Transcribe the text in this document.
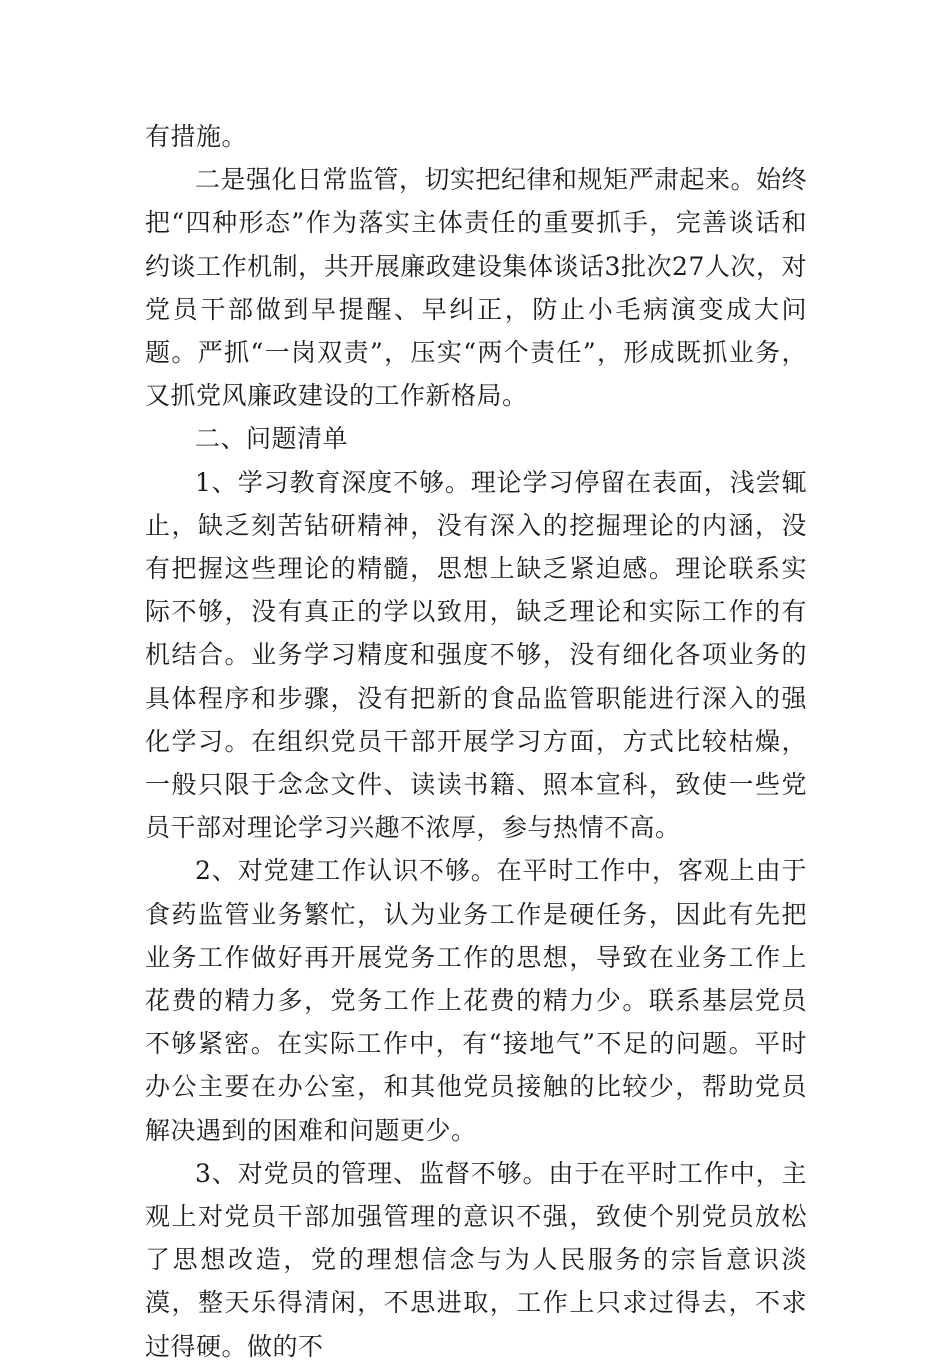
有措施。

二是强化日常监管，切实把纪律和规矩严肃起来。始终把“四种形态”作为落实主体责任的重要抓手，完善谈话和约谈工作机制，共开展廉政建设集体谈话3批次27人次，对党员干部做到早提醒、早纠正，防止小毛病演变成大问题。严抓“一岗双责”，压实“两个责任”，形成既抓业务，又抓党风廉政建设的工作新格局。

二、问题清单

1、学习教育深度不够。理论学习停留在表面，浅尝辄止，缺乏刻苦钻研精神，没有深入的挖掘理论的内涵，没有把握这些理论的精髓，思想上缺乏紧迫感。理论联系实际不够，没有真正的学以致用，缺乏理论和实际工作的有机结合。业务学习精度和强度不够，没有细化各项业务的具体程序和步骤，没有把新的食品监管职能进行深入的强化学习。在组织党员干部开展学习方面，方式比较枯燥，一般只限于念念文件、读读书籍、照本宣科，致使一些党员干部对理论学习兴趣不浓厚，参与热情不高。

2、对党建工作认识不够。在平时工作中，客观上由于食药监管业务繁忙，认为业务工作是硬任务，因此有先把业务工作做好再开展党务工作的思想，导致在业务工作上花费的精力多，党务工作上花费的精力少。联系基层党员不够紧密。在实际工作中，有“接地气”不足的问题。平时办公主要在办公室，和其他党员接触的比较少，帮助党员解决遇到的困难和问题更少。

3、对党员的管理、监督不够。由于在平时工作中，主观上对党员干部加强管理的意识不强，致使个别党员放松了思想改造，党的理想信念与为人民服务的宗旨意识淡漠，整天乐得清闲，不思进取，工作上只求过得去，不求过得硬。做的不
